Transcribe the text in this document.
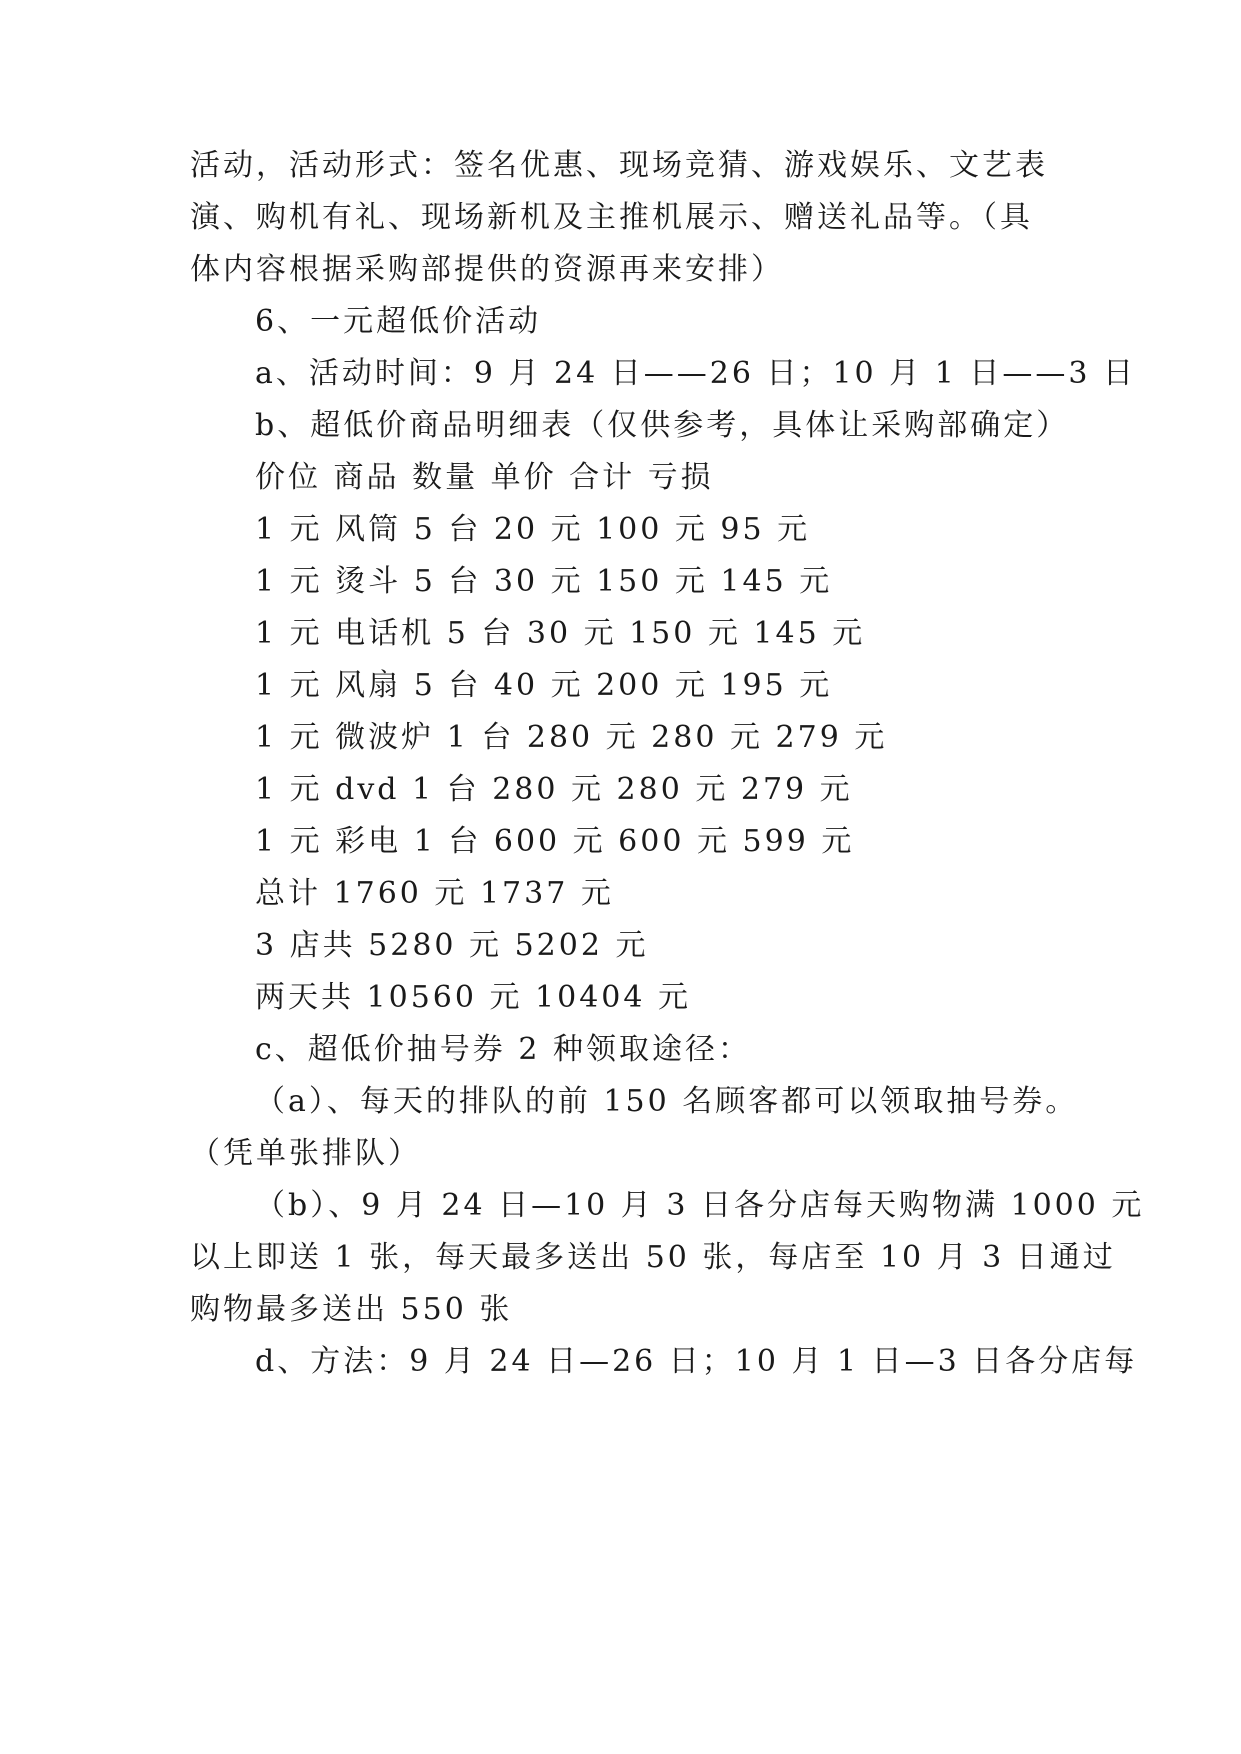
活动，活动形式：签名优惠、现场竞猜、游戏娱乐、文艺表
演、购机有礼、现场新机及主推机展示、赠送礼品等。（具
体内容根据采购部提供的资源再来安排）
6、一元超低价活动
a、活动时间：9 月 24 日——26 日；10 月 1 日——3 日
b、超低价商品明细表（仅供参考，具体让采购部确定）
价位 商品 数量 单价 合计 亏损
1 元 风筒 5 台 20 元 100 元 95 元
1 元 烫斗 5 台 30 元 150 元 145 元
1 元 电话机 5 台 30 元 150 元 145 元
1 元 风扇 5 台 40 元 200 元 195 元
1 元 微波炉 1 台 280 元 280 元 279 元
1 元 dvd 1 台 280 元 280 元 279 元
1 元 彩电 1 台 600 元 600 元 599 元
总计 1760 元 1737 元
3 店共 5280 元 5202 元
两天共 10560 元 10404 元
c、超低价抽号券 2 种领取途径：
（a）、每天的排队的前 150 名顾客都可以领取抽号券。
（凭单张排队）
（b）、9 月 24 日—10 月 3 日各分店每天购物满 1000 元
以上即送 1 张，每天最多送出 50 张，每店至 10 月 3 日通过
购物最多送出 550 张
d、方法：9 月 24 日—26 日；10 月 1 日—3 日各分店每
